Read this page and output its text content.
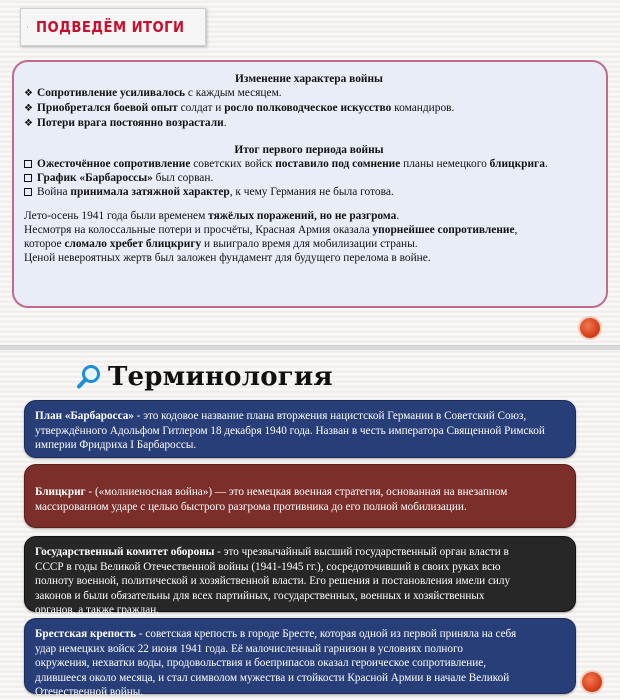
ПОДВЕДЁМ ИТОГИ
Изменение характера войны
❖ Сопротивление усиливалось с каждым месяцем.
❖ Приобретался боевой опыт солдат и росло полководческое искусство командиров.
❖ Потери врага постоянно возрастали.
Итог первого периода войны
Ожесточённое сопротивление советских войск поставило под сомнение планы немецкого блицкрига.
График «Барбароссы» был сорван.
Война принимала затяжной характер, к чему Германия не была готова.
Лето-осень 1941 года были временем тяжёлых поражений, но не разгрома.
Несмотря на колоссальные потери и просчёты, Красная Армия оказала упорнейшее сопротивление,
которое сломало хребет блицкригу и выиграло время для мобилизации страны.
Ценой невероятных жертв был заложен фундамент для будущего перелома в войне.
Терминология
План «Барбаросса» - это кодовое название плана вторжения нацистской Германии в Советский Союз,
утверждённого Адольфом Гитлером 18 декабря 1940 года. Назван в честь императора Священной Римской
империи Фридриха I Барбароссы.
Блицкриг - («молниеносная война») — это немецкая военная стратегия, основанная на внезапном
массированном ударе с целью быстрого разгрома противника до его полной мобилизации.
Государственный комитет обороны - это чрезвычайный высший государственный орган власти в
СССР в годы Великой Отечественной войны (1941-1945 гг.), сосредоточивший в своих руках всю
полноту военной, политической и хозяйственной власти. Его решения и постановления имели силу
законов и были обязательны для всех партийных, государственных, военных и хозяйственных
органов, а также граждан.
Брестская крепость - советская крепость в городе Бресте, которая одной из первой приняла на себя
удар немецких войск 22 июня 1941 года. Её малочисленный гарнизон в условиях полного
окружения, нехватки воды, продовольствия и боеприпасов оказал героическое сопротивление,
длившееся около месяца, и стал символом мужества и стойкости Красной Армии в начале Великой
Отечественной войны.
